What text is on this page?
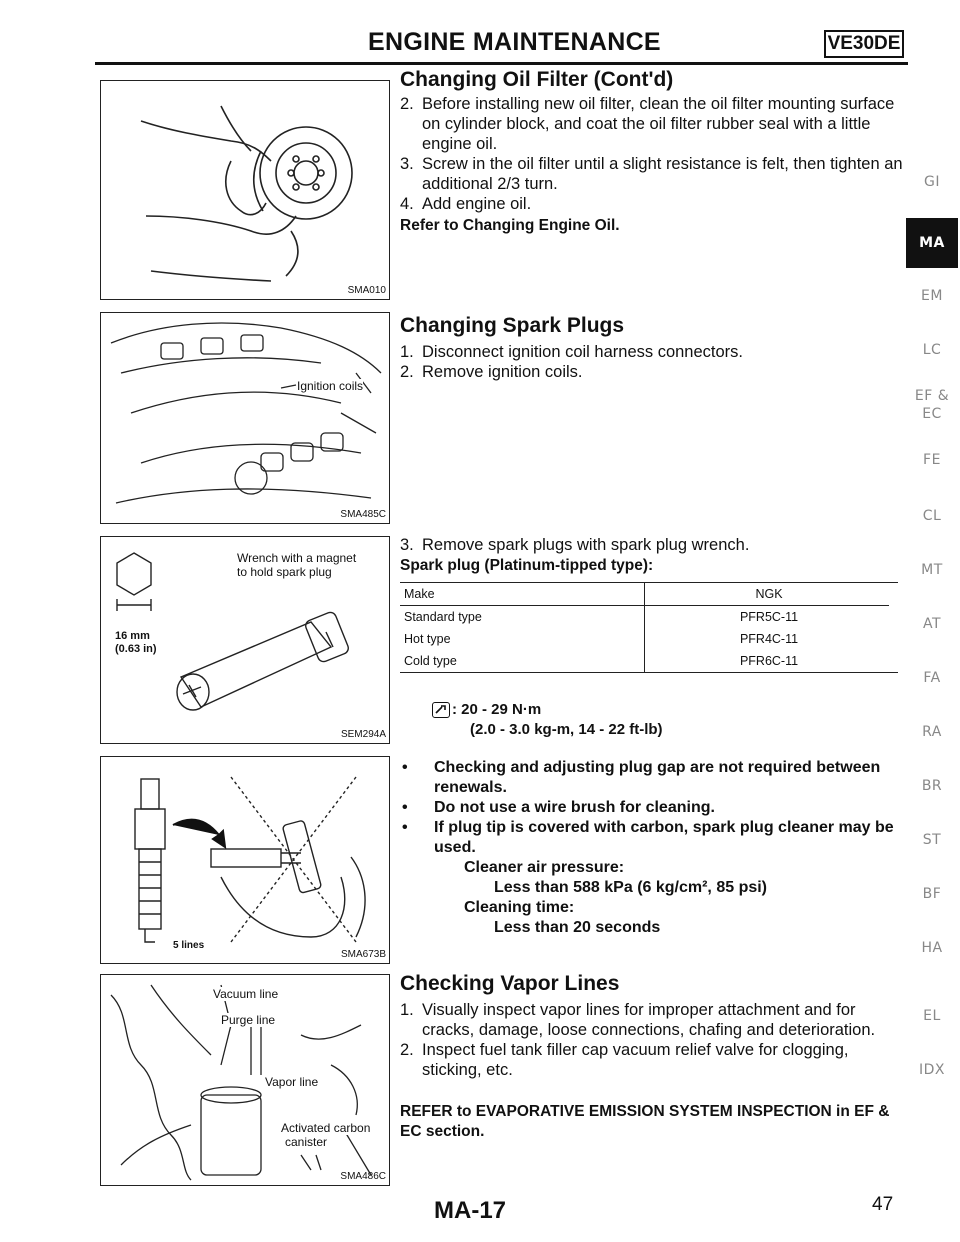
ENGINE MAINTENANCE	VE30DE
SMA010
Ignition coils
SMA485C
Wrench with a magnet
to hold spark plug
16 mm
(0.63 in)
SEM294A
5 lines
SMA673B
Vacuum line
Purge line
Vapor line
Activated carbon
canister
SMA486C
Changing Oil Filter (Cont'd)
2. Before installing new oil filter, clean the oil filter mounting surface on cylinder block, and coat the oil filter rubber seal with a little engine oil.
3. Screw in the oil filter until a slight resistance is felt, then tighten an additional 2/3 turn.
4. Add engine oil.
Refer to Changing Engine Oil.
Changing Spark Plugs
1. Disconnect ignition coil harness connectors.
2. Remove ignition coils.
3. Remove spark plugs with spark plug wrench.
Spark plug (Platinum-tipped type):
Make	NGK
Standard type	PFR5C-11
Hot type	PFR4C-11
Cold type	PFR6C-11
: 20 - 29 N·m
(2.0 - 3.0 kg-m, 14 - 22 ft-lb)
• Checking and adjusting plug gap are not required between renewals.
• Do not use a wire brush for cleaning.
• If plug tip is covered with carbon, spark plug cleaner may be used.
Cleaner air pressure:
Less than 588 kPa (6 kg/cm², 85 psi)
Cleaning time:
Less than 20 seconds
Checking Vapor Lines
1. Visually inspect vapor lines for improper attachment and for cracks, damage, loose connections, chafing and deterioration.
2. Inspect fuel tank filler cap vacuum relief valve for clogging, sticking, etc.
REFER to EVAPORATIVE EMISSION SYSTEM INSPECTION in EF & EC section.
GI
MA
EM
LC
EF &
EC
FE
CL
MT
AT
FA
RA
BR
ST
BF
HA
EL
IDX
MA-17	47
